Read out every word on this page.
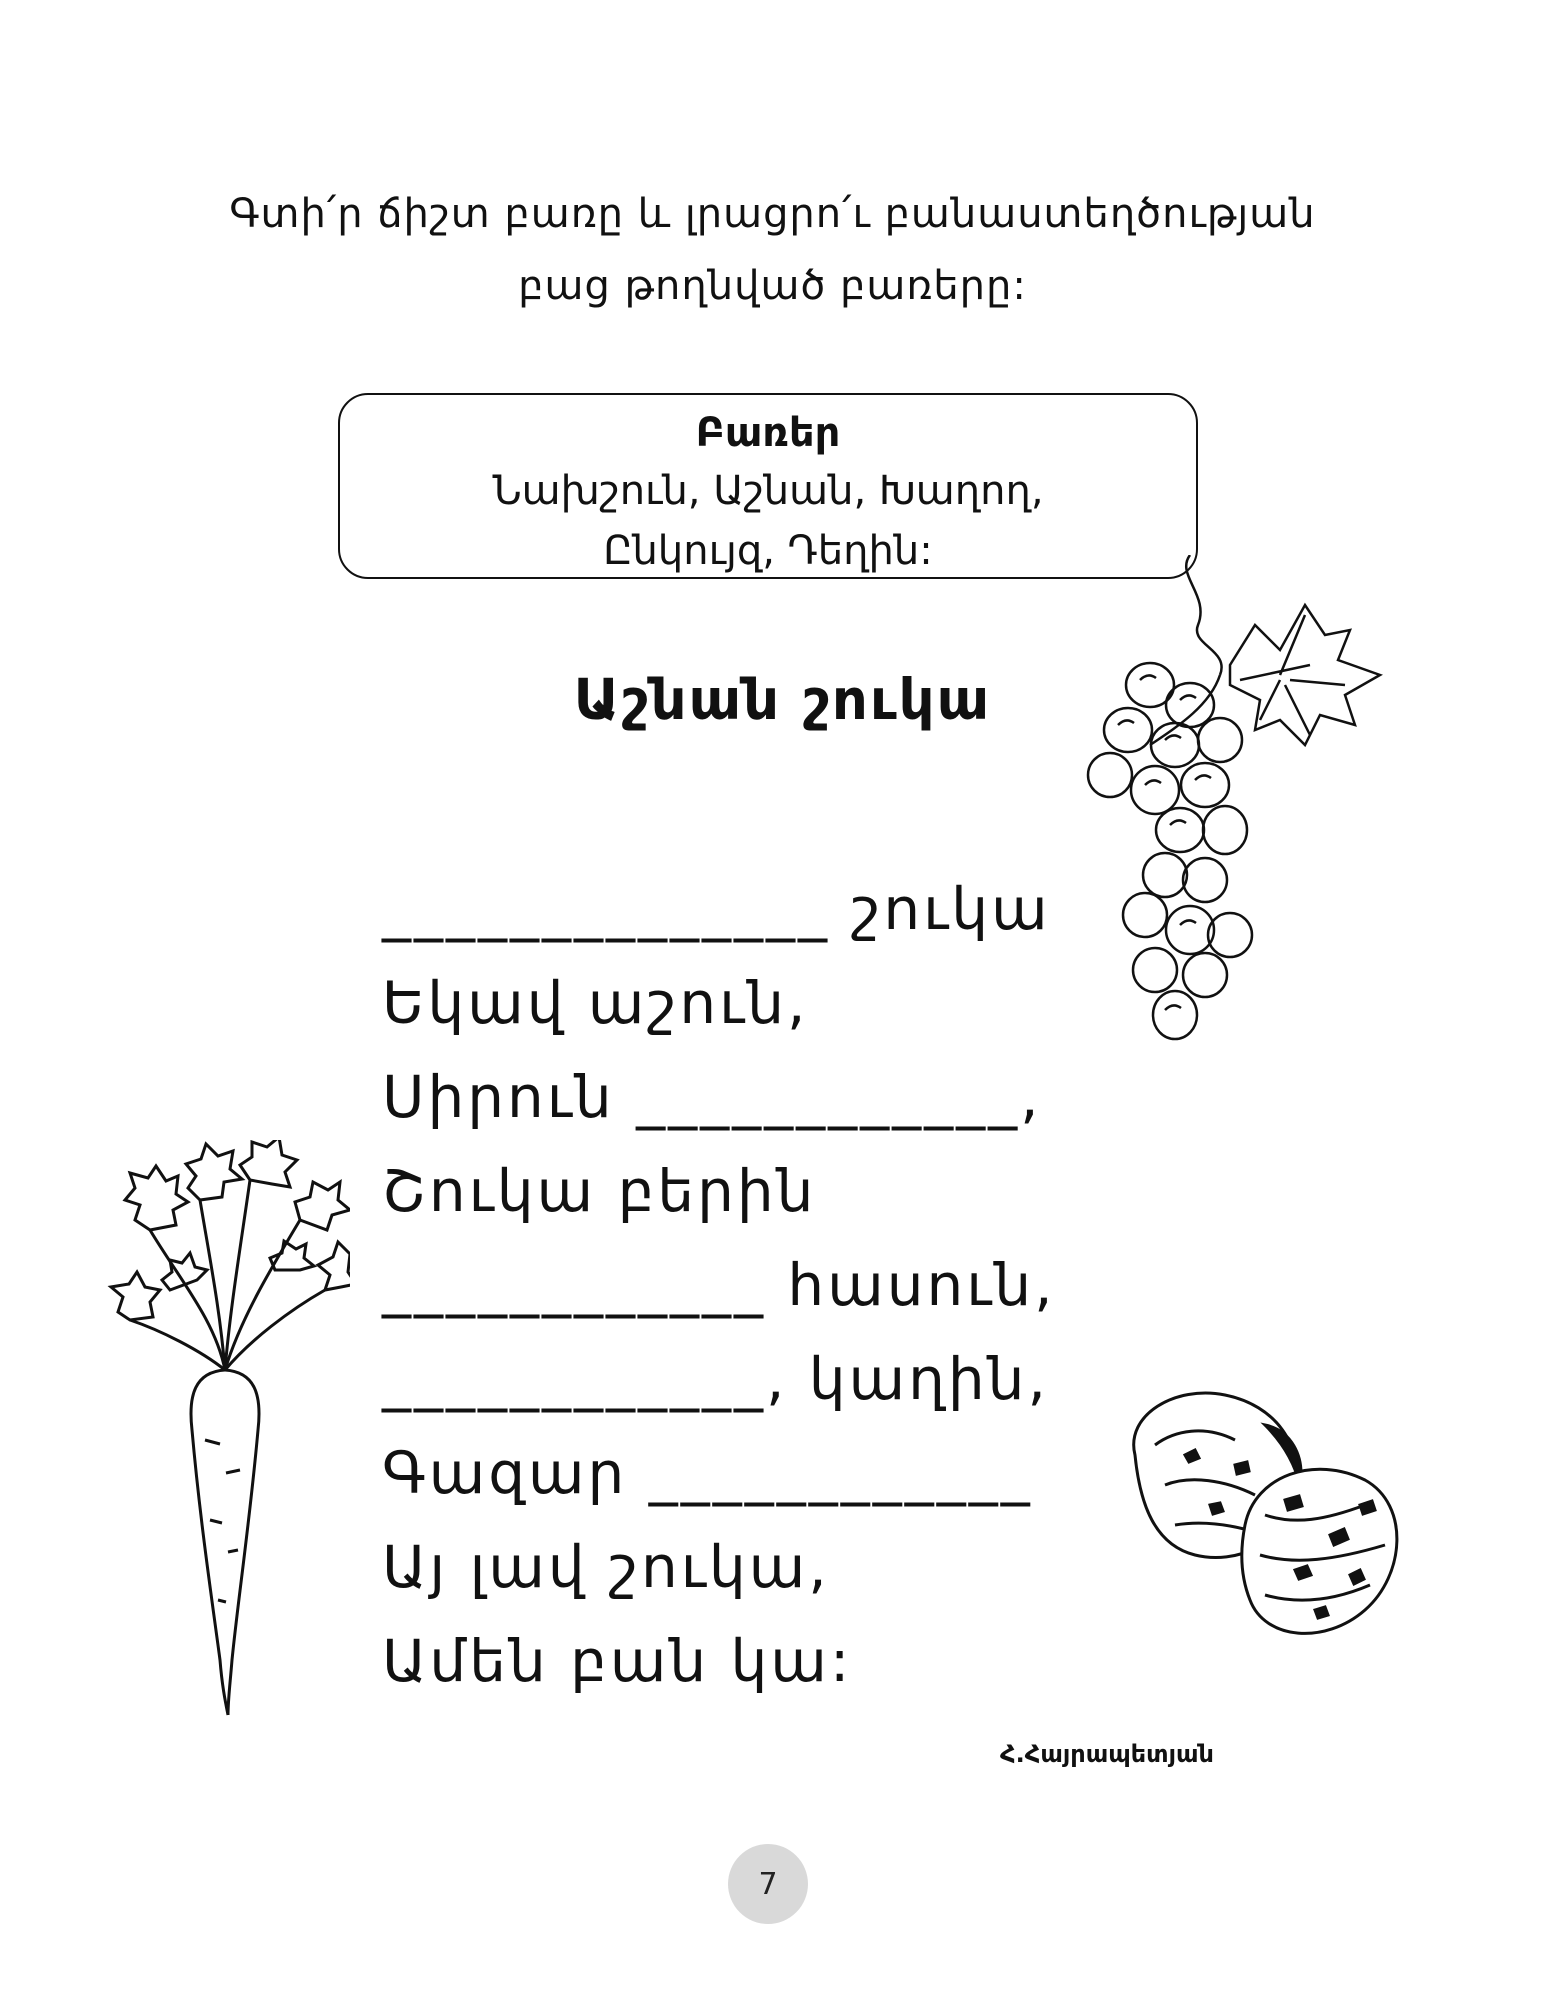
Գտի՛ր ճիշտ բառը և լրացրո՛ւ բանաստեղծության
բաց թողնված բառերը:
Բառեր
Նախշուն, Աշնան, Խաղող,
Ընկույզ, Դեղին:
Աշնան շուկա
______________ շուկա
Եկավ աշուն,
Սիրուն ____________,
Շուկա բերին
____________ հասուն,
____________, կաղին,
Գազար ____________
Այ լավ շուկա,
Ամեն բան կա:
Հ.Հայրապետյան
7
